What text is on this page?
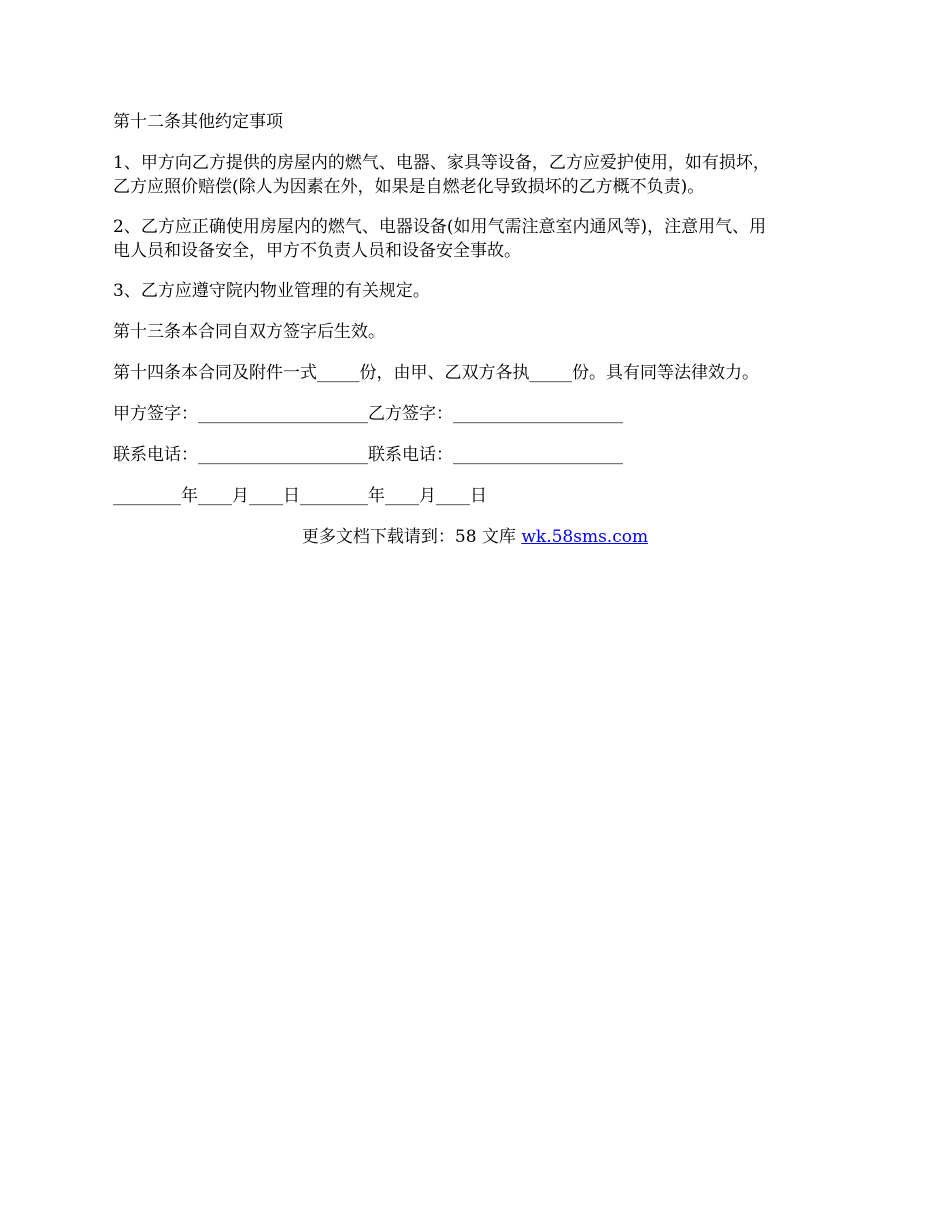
第十二条其他约定事项

1、甲方向乙方提供的房屋内的燃气、电器、家具等设备，乙方应爱护使用，如有损坏，
乙方应照价赔偿(除人为因素在外，如果是自燃老化导致损坏的乙方概不负责)。

2、乙方应正确使用房屋内的燃气、电器设备(如用气需注意室内通风等)，注意用气、用
电人员和设备安全，甲方不负责人员和设备安全事故。

3、乙方应遵守院内物业管理的有关规定。

第十三条本合同自双方签字后生效。

第十四条本合同及附件一式_____份，由甲、乙双方各执_____份。具有同等法律效力。

甲方签字：____________________乙方签字：____________________

联系电话：____________________联系电话：____________________

________年____月____日________年____月____日

更多文档下载请到：58 文库 wk.58sms.com
